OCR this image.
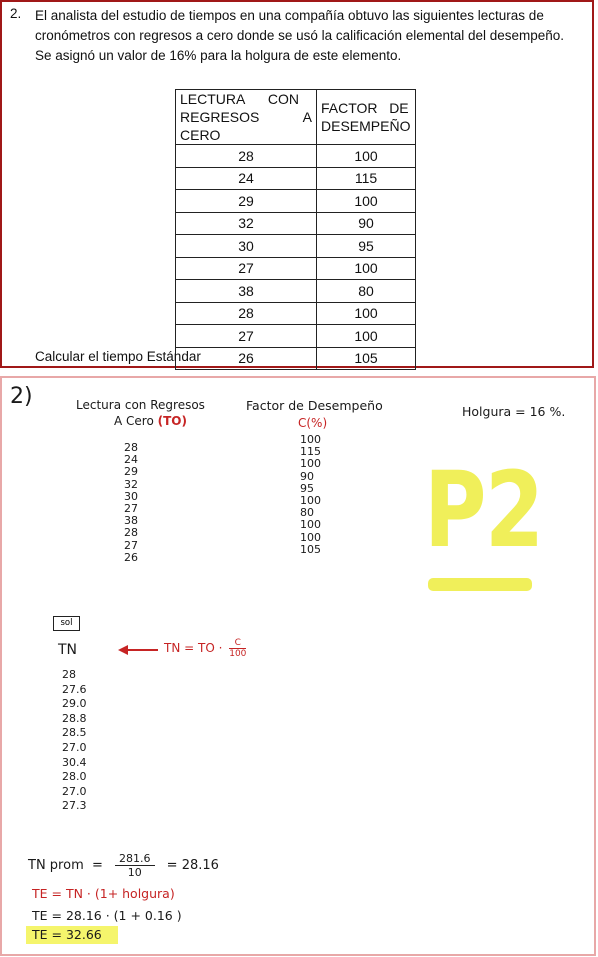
2. El analista del estudio de tiempos en una compañía obtuvo las siguientes lecturas de
cronómetros con regresos a cero donde se usó la calificación elemental del desempeño.
Se asignó un valor de 16% para la holgura de este elemento.
LECTURA      CON
REGRESOS A CERO	FACTOR   DE
DESEMPEÑO
28	100
24	115
29	100
32	90
30	95
27	100
38	80
28	100
27	100
26	105
Calcular el tiempo Estándar
2)	Lectura con Regresos
A Cero (TO)
Factor de Desempeño
C(%)
Holgura = 16 %.
28
24
29
32
30
27
38
28
27
26
100
115
100
90
95
100
80
100
100
105 P2
sol
TN	TN = TO · $\frac{C}{100}$
28
27.6
29.0
28.8
28.5
27.0
30.4
28.0
27.0
27.3
TN prom  = $\frac{281.6}{10} = 28.16$
TE = TN · (1+ holgura)
TE = 28.16 · (1 + 0.16 )
TE = 32.66
